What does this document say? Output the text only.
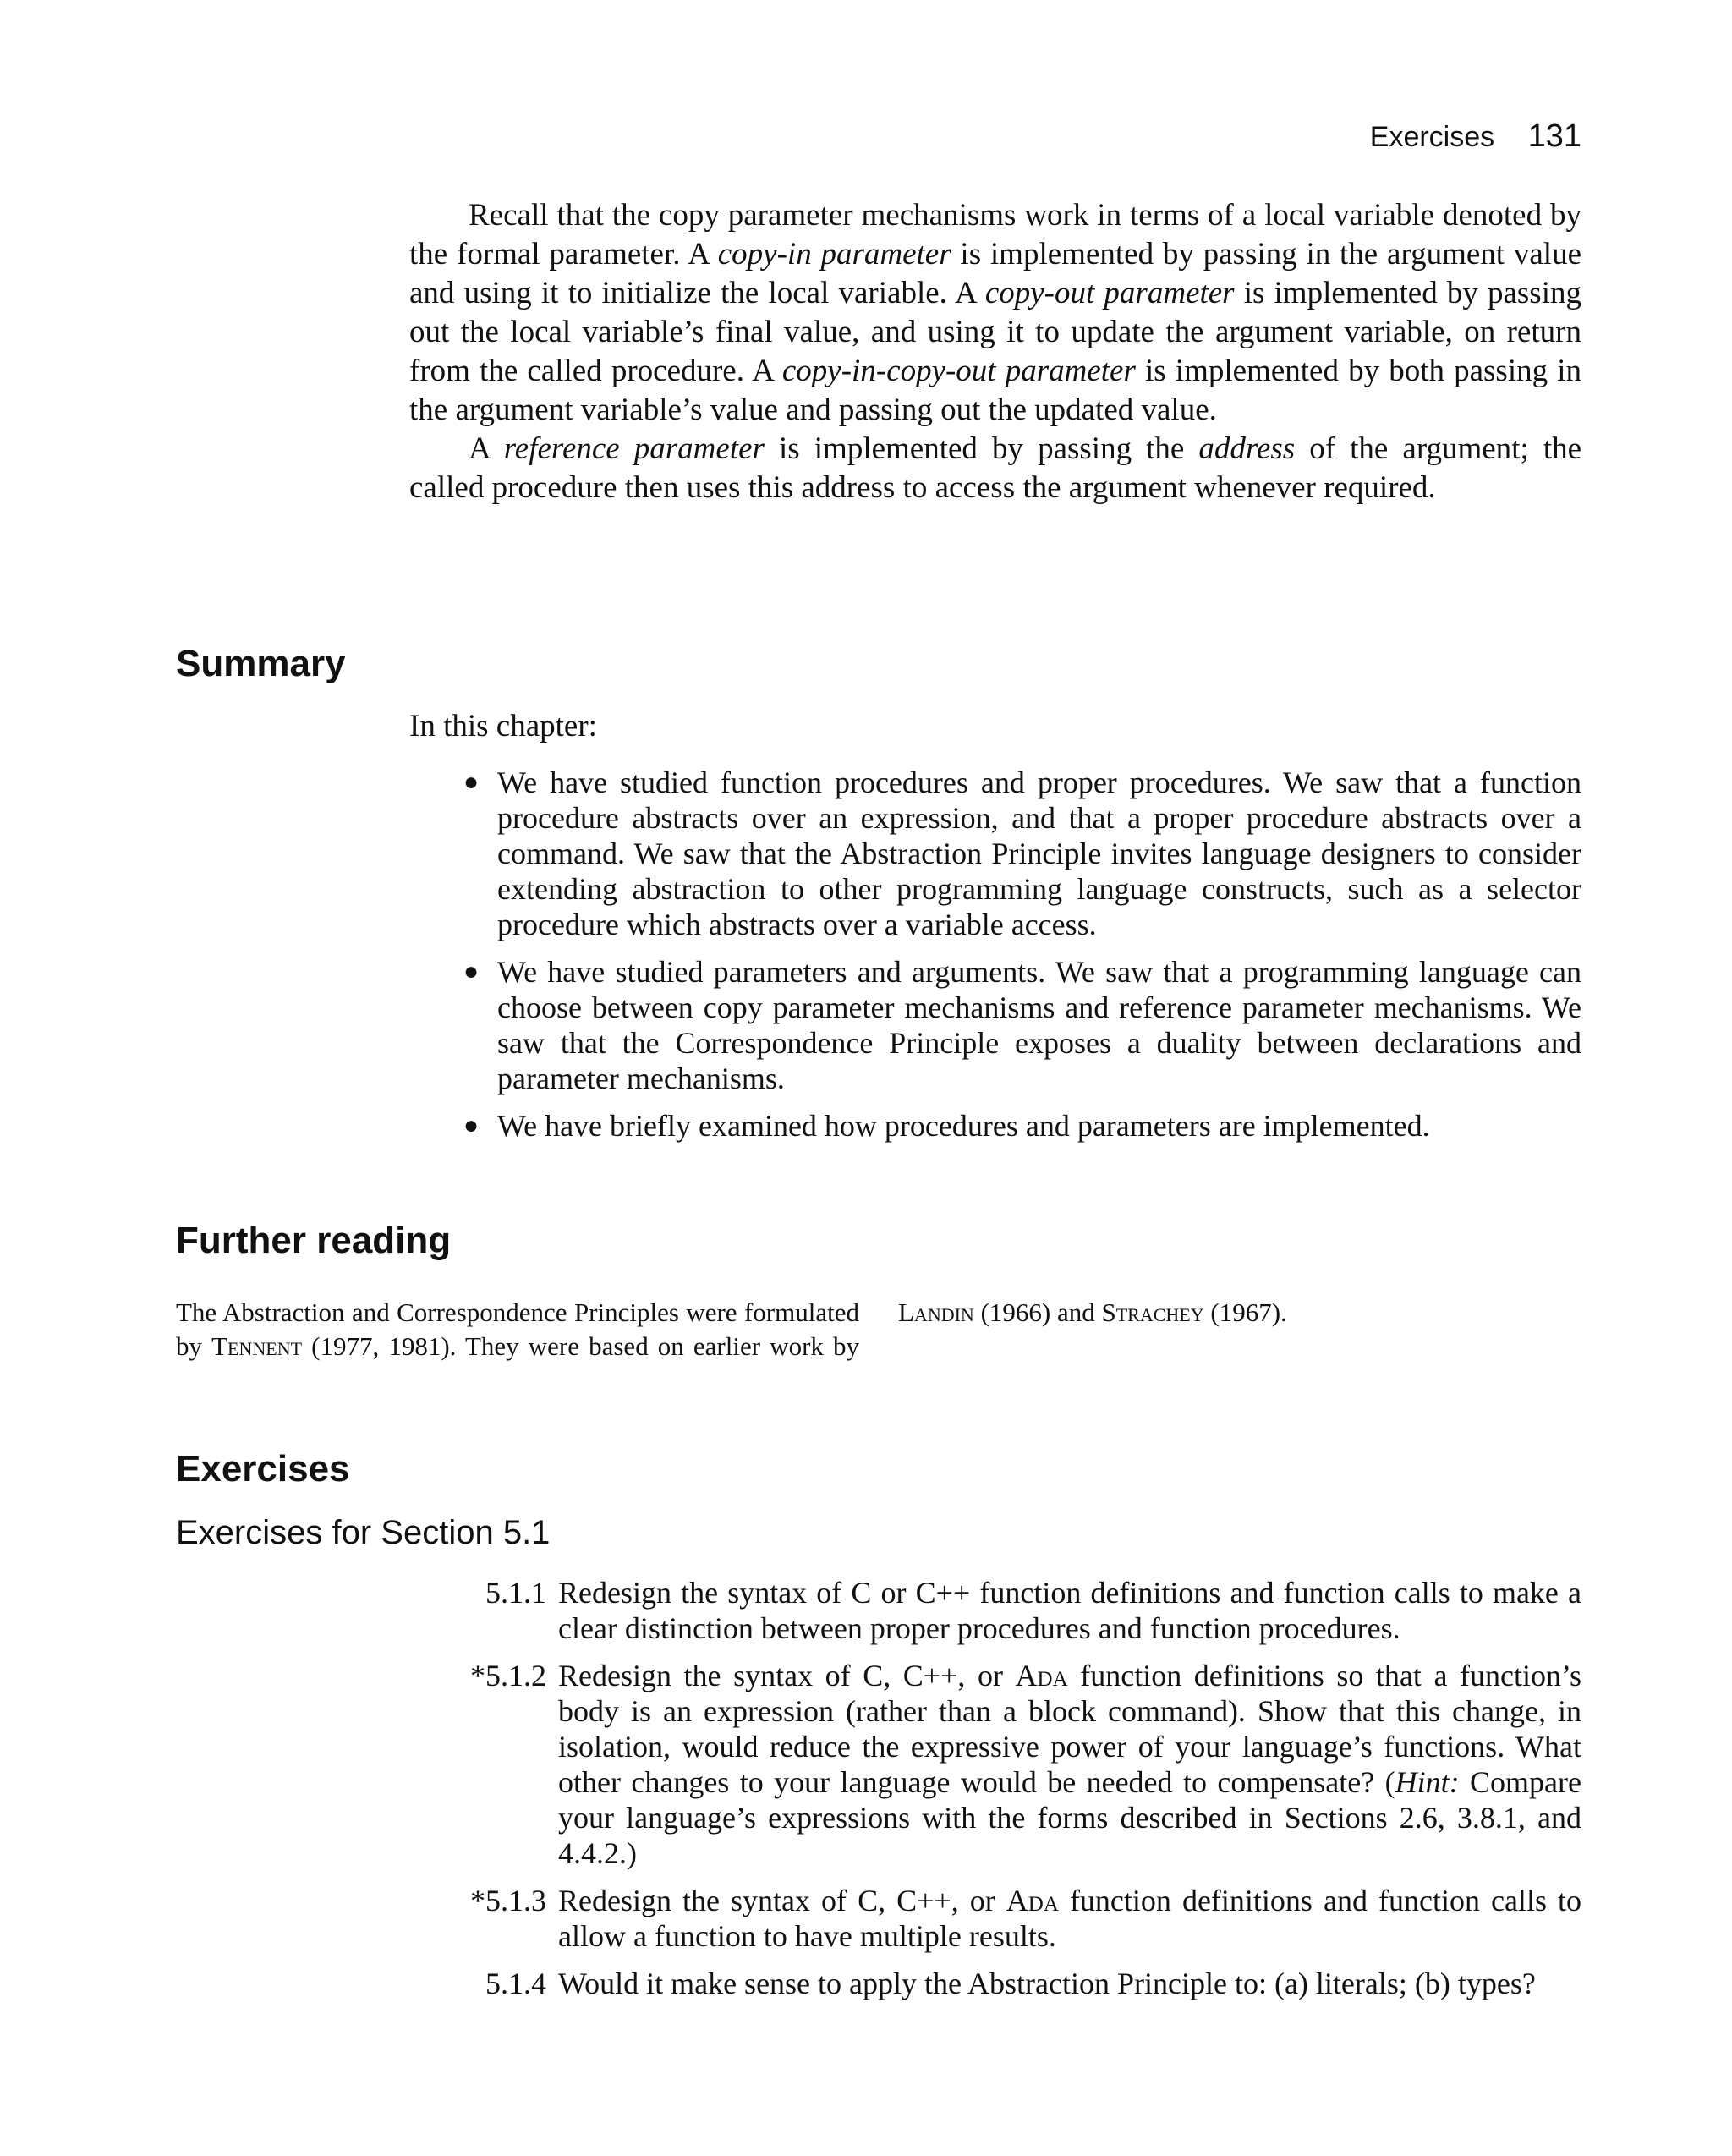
Exercises 131

Recall that the copy parameter mechanisms work in terms of a local variable denoted by the formal parameter. A copy-in parameter is implemented by passing in the argument value and using it to initialize the local variable. A copy-out parameter is implemented by passing out the local variable’s final value, and using it to update the argument variable, on return from the called procedure. A copy-in-copy-out parameter is implemented by both passing in the argument variable’s value and passing out the updated value.

A reference parameter is implemented by passing the address of the argument; the called procedure then uses this address to access the argument whenever required.

Summary

In this chapter:

● We have studied function procedures and proper procedures. We saw that a function procedure abstracts over an expression, and that a proper procedure abstracts over a command. We saw that the Abstraction Principle invites language designers to consider extending abstraction to other programming language constructs, such as a selector procedure which abstracts over a variable access.
● We have studied parameters and arguments. We saw that a programming language can choose between copy parameter mechanisms and reference parameter mechanisms. We saw that the Correspondence Principle exposes a duality between declarations and parameter mechanisms.
● We have briefly examined how procedures and parameters are implemented.
Further reading
The Abstraction and Correspondence Principles were formulated by Tennent (1977, 1981). They were based on earlier work by Landin (1966) and Strachey (1967).
Exercises
Exercises for Section 5.1
5.1.1 Redesign the syntax of C or C++ function definitions and function calls to make a clear distinction between proper procedures and function procedures.
*5.1.2 Redesign the syntax of C, C++, or Ada function definitions so that a function’s body is an expression (rather than a block command). Show that this change, in isolation, would reduce the expressive power of your language’s functions. What other changes to your language would be needed to compensate? (Hint: Compare your language’s expressions with the forms described in Sections 2.6, 3.8.1, and 4.4.2.)
*5.1.3 Redesign the syntax of C, C++, or Ada function definitions and function calls to allow a function to have multiple results.
5.1.4 Would it make sense to apply the Abstraction Principle to: (a) literals; (b) types?
